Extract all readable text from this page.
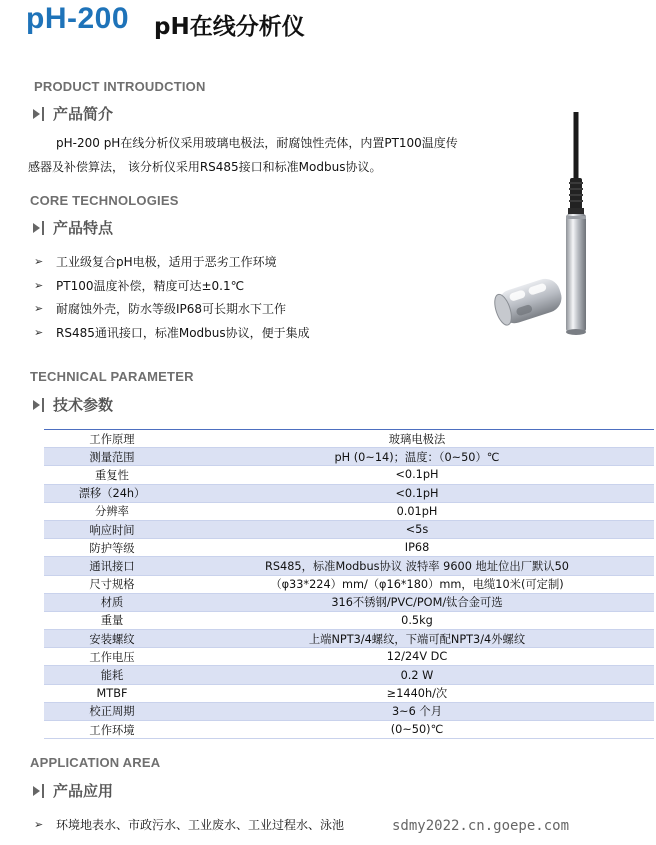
pH-200 pH在线分析仪
PRODUCT INTROUDCTION
产品简介
pH-200 pH在线分析仪采用玻璃电极法，耐腐蚀性壳体，内置PT100温度传感器及补偿算法， 该分析仪采用RS485接口和标准Modbus协议。
CORE TECHNOLOGIES
产品特点
➢	工业级复合pH电极，适用于恶劣工作环境
➢	PT100温度补偿，精度可达±0.1℃
➢	耐腐蚀外壳，防水等级IP68可长期水下工作
➢	RS485通讯接口，标准Modbus协议，便于集成
TECHNICAL PARAMETER
技术参数
工作原理	玻璃电极法
测量范围	pH (0~14)；温度：（0~50）℃
重复性	<0.1pH
漂移（24h）	<0.1pH
分辨率	0.01pH
响应时间	<5s
防护等级	IP68
通讯接口	RS485，标准Modbus协议 波特率 9600 地址位出厂默认50
尺寸规格	（φ33*224）mm/（φ16*180）mm，电缆10米(可定制)
材质	316不锈钢/PVC/POM/钛合金可选
重量	0.5kg
安装螺纹	上端NPT3/4螺纹，下端可配NPT3/4外螺纹
工作电压	12/24V DC
能耗	0.2 W
MTBF	≥1440h/次
校正周期	3~6 个月
工作环境	(0~50)℃
APPLICATION AREA
产品应用
➢	环境地表水、市政污水、工业废水、工业过程水、泳池	sdmy2022.cn.goepe.com
